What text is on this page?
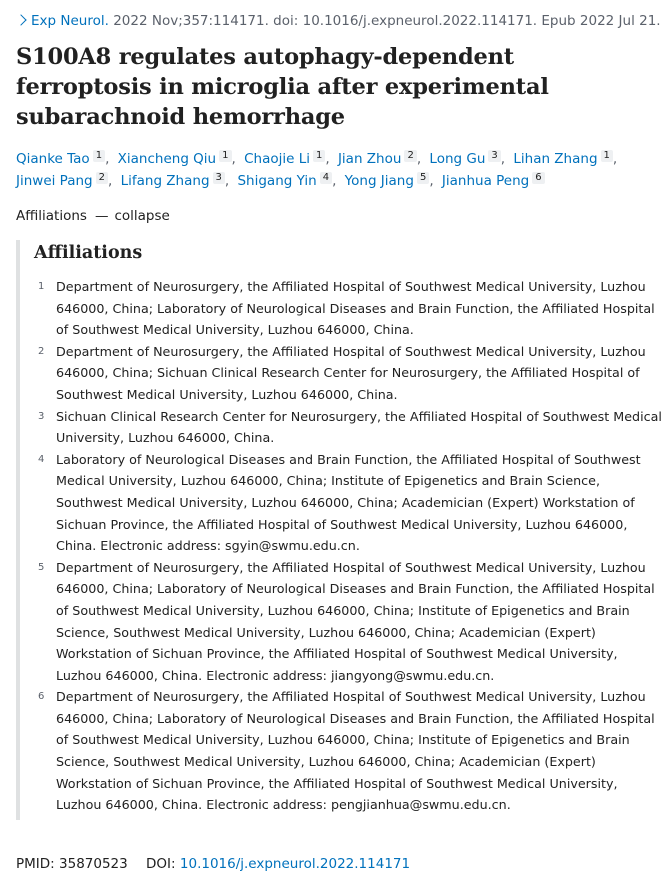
Exp Neurol. 2022 Nov;357:114171. doi: 10.1016/j.expneurol.2022.114171. Epub 2022 Jul 21.
S100A8 regulates autophagy-dependent ferroptosis in microglia after experimental subarachnoid hemorrhage
Qianke Tao 1 , Xiancheng Qiu 1 , Chaojie Li 1 , Jian Zhou 2 , Long Gu 3 , Lihan Zhang 1 , Jinwei Pang 2 , Lifang Zhang 3 , Shigang Yin 4 , Yong Jiang 5 , Jianhua Peng 6
Affiliations — collapse
Affiliations
1 Department of Neurosurgery, the Affiliated Hospital of Southwest Medical University, Luzhou 646000, China; Laboratory of Neurological Diseases and Brain Function, the Affiliated Hospital of Southwest Medical University, Luzhou 646000, China.
2 Department of Neurosurgery, the Affiliated Hospital of Southwest Medical University, Luzhou 646000, China; Sichuan Clinical Research Center for Neurosurgery, the Affiliated Hospital of Southwest Medical University, Luzhou 646000, China.
3 Sichuan Clinical Research Center for Neurosurgery, the Affiliated Hospital of Southwest Medical University, Luzhou 646000, China.
4 Laboratory of Neurological Diseases and Brain Function, the Affiliated Hospital of Southwest Medical University, Luzhou 646000, China; Institute of Epigenetics and Brain Science, Southwest Medical University, Luzhou 646000, China; Academician (Expert) Workstation of Sichuan Province, the Affiliated Hospital of Southwest Medical University, Luzhou 646000, China. Electronic address: sgyin@swmu.edu.cn.
5 Department of Neurosurgery, the Affiliated Hospital of Southwest Medical University, Luzhou 646000, China; Laboratory of Neurological Diseases and Brain Function, the Affiliated Hospital of Southwest Medical University, Luzhou 646000, China; Institute of Epigenetics and Brain Science, Southwest Medical University, Luzhou 646000, China; Academician (Expert) Workstation of Sichuan Province, the Affiliated Hospital of Southwest Medical University, Luzhou 646000, China. Electronic address: jiangyong@swmu.edu.cn.
6 Department of Neurosurgery, the Affiliated Hospital of Southwest Medical University, Luzhou 646000, China; Laboratory of Neurological Diseases and Brain Function, the Affiliated Hospital of Southwest Medical University, Luzhou 646000, China; Institute of Epigenetics and Brain Science, Southwest Medical University, Luzhou 646000, China; Academician (Expert) Workstation of Sichuan Province, the Affiliated Hospital of Southwest Medical University, Luzhou 646000, China. Electronic address: pengjianhua@swmu.edu.cn.
PMID: 35870523 DOI: 10.1016/j.expneurol.2022.114171
